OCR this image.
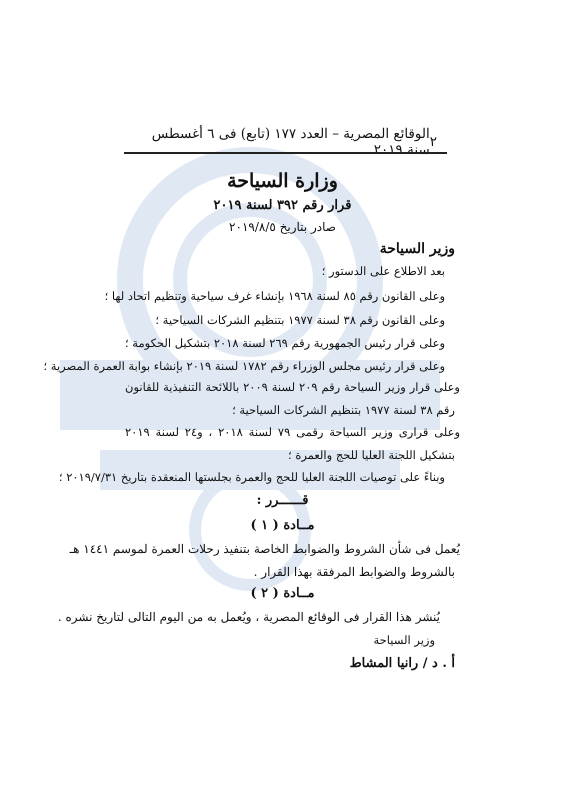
٢
الوقائع المصرية – العدد ١٧٧ (تابع) فى ٦ أغسطس سنة ٢٠١٩
وزارة السياحة
قرار رقم ٣٩٢ لسنة ٢٠١٩
صادر بتاريخ ٢٠١٩/٨/٥
وزير السياحة
بعد الاطلاع على الدستور ؛
وعلى القانون رقم ٨٥ لسنة ١٩٦٨ بإنشاء غرف سياحية وتنظيم اتحاد لها ؛
وعلى القانون رقم ٣٨ لسنة ١٩٧٧ بتنظيم الشركات السياحية ؛
وعلى قرار رئيس الجمهورية رقم ٢٦٩ لسنة ٢٠١٨ بتشكيل الحكومة ؛
وعلى قرار رئيس مجلس الوزراء رقم ١٧٨٢ لسنة ٢٠١٩ بإنشاء بوابة العمرة المصرية ؛
وعلى قرار وزير السياحة رقم ٢٠٩ لسنة ٢٠٠٩ باللائحة التنفيذية للقانون
رقم ٣٨ لسنة ١٩٧٧ بتنظيم الشركات السياحية ؛
وعلى قرارى وزير السياحة رقمى ٧٩ لسنة ٢٠١٨ ، و٢٤ لسنة ٢٠١٩
بتشكيل اللجنة العليا للحج والعمرة ؛
وبناءً على توصيات اللجنة العليا للحج والعمرة بجلستها المنعقدة بتاريخ ٢٠١٩/٧/٣١ ؛
قــــــرر :
مــادة ( ١ )
يُعمل فى شأن الشروط والضوابط الخاصة بتنفيذ رحلات العمرة لموسم ١٤٤١ هـ
بالشروط والضوابط المرفقة بهذا القرار .
مــادة ( ٢ )
يُنشر هذا القرار فى الوقائع المصرية ، ويُعمل به من اليوم التالى لتاريخ نشره .
وزير السياحة
أ . د / رانيا المشاط
